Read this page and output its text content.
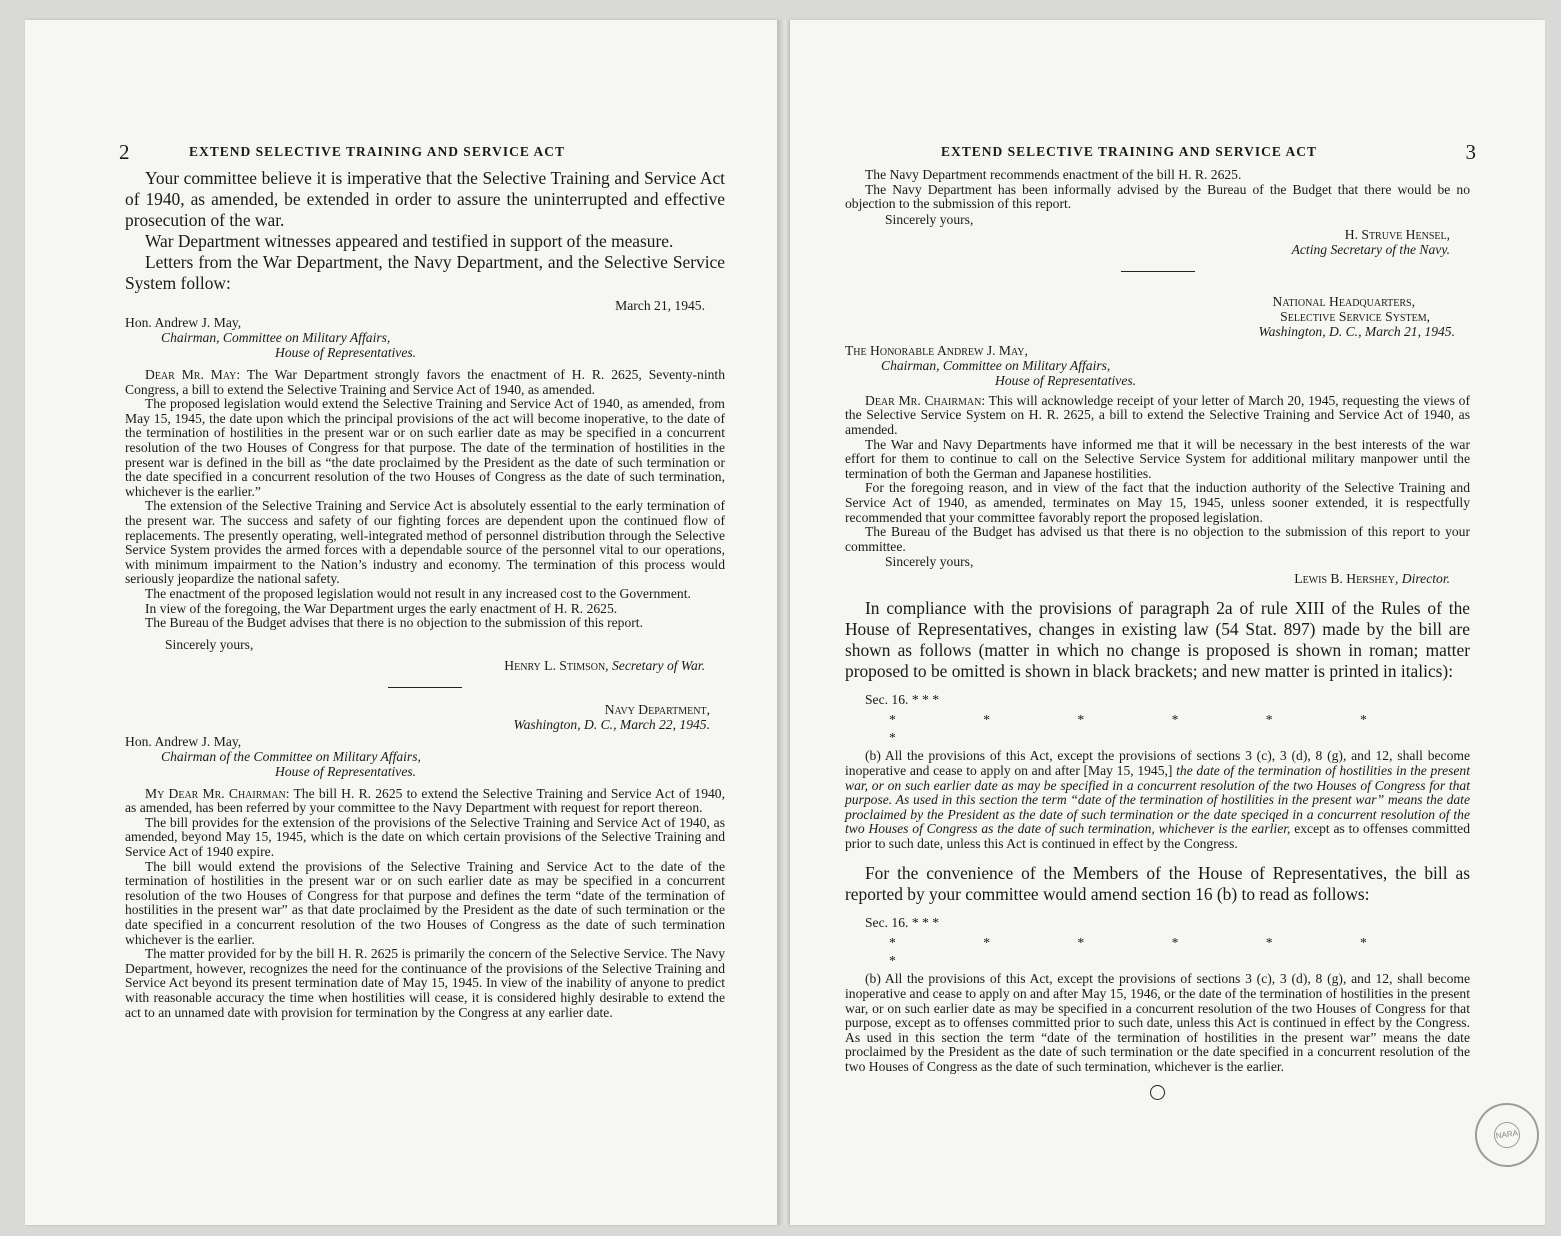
2	EXTEND SELECTIVE TRAINING AND SERVICE ACT

Your committee believe it is imperative that the Selective Training and Service Act of 1940, as amended, be extended in order to assure the uninterrupted and effective prosecution of the war.

War Department witnesses appeared and testified in support of the measure.

Letters from the War Department, the Navy Department, and the Selective Service System follow:

March 21, 1945.

Hon. Andrew J. May,
Chairman, Committee on Military Affairs,
House of Representatives.

Dear Mr. May: The War Department strongly favors the enactment of H. R. 2625, Seventy-ninth Congress, a bill to extend the Selective Training and Service Act of 1940, as amended.

The proposed legislation would extend the Selective Training and Service Act of 1940, as amended, from May 15, 1945, the date upon which the principal provisions of the act will become inoperative, to the date of the termination of hostilities in the present war or on such earlier date as may be specified in a concurrent resolution of the two Houses of Congress for that purpose. The date of the termination of hostilities in the present war is defined in the bill as “the date proclaimed by the President as the date of such termination or the date specified in a concurrent resolution of the two Houses of Congress as the date of such termination, whichever is the earlier.”

The extension of the Selective Training and Service Act is absolutely essential to the early termination of the present war. The success and safety of our fighting forces are dependent upon the continued flow of replacements. The presently operating, well-integrated method of personnel distribution through the Selective Service System provides the armed forces with a dependable source of the personnel vital to our operations, with minimum impairment to the Nation’s industry and economy. The termination of this process would seriously jeopardize the national safety.

The enactment of the proposed legislation would not result in any increased cost to the Government.

In view of the foregoing, the War Department urges the early enactment of H. R. 2625.

The Bureau of the Budget advises that there is no objection to the submission of this report.

Sincerely yours,

Henry L. Stimson, Secretary of War.

Navy Department,
Washington, D. C., March 22, 1945.
Hon. Andrew J. May,
Chairman of the Committee on Military Affairs,
House of Representatives.

My Dear Mr. Chairman: The bill H. R. 2625 to extend the Selective Training and Service Act of 1940, as amended, has been referred by your committee to the Navy Department with request for report thereon.

The bill provides for the extension of the provisions of the Selective Training and Service Act of 1940, as amended, beyond May 15, 1945, which is the date on which certain provisions of the Selective Training and Service Act of 1940 expire.

The bill would extend the provisions of the Selective Training and Service Act to the date of the termination of hostilities in the present war or on such earlier date as may be specified in a concurrent resolution of the two Houses of Congress for that purpose and defines the term “date of the termination of hostilities in the present war” as that date proclaimed by the President as the date of such termination or the date specified in a concurrent resolution of the two Houses of Congress as the date of such termination whichever is the earlier.

The matter provided for by the bill H. R. 2625 is primarily the concern of the Selective Service. The Navy Department, however, recognizes the need for the continuance of the provisions of the Selective Training and Service Act beyond its present termination date of May 15, 1945. In view of the inability of anyone to predict with reasonable accuracy the time when hostilities will cease, it is considered highly desirable to extend the act to an unnamed date with provision for termination by the Congress at any earlier date.

EXTEND SELECTIVE TRAINING AND SERVICE ACT	3

The Navy Department recommends enactment of the bill H. R. 2625.

The Navy Department has been informally advised by the Bureau of the Budget that there would be no objection to the submission of this report.

Sincerely yours,

H. Struve Hensel,

Acting Secretary of the Navy.

National Headquarters,
Selective Service System,
Washington, D. C., March 21, 1945.
The Honorable Andrew J. May,
Chairman, Committee on Military Affairs,
House of Representatives.

Dear Mr. Chairman: This will acknowledge receipt of your letter of March 20, 1945, requesting the views of the Selective Service System on H. R. 2625, a bill to extend the Selective Training and Service Act of 1940, as amended.

The War and Navy Departments have informed me that it will be necessary in the best interests of the war effort for them to continue to call on the Selective Service System for additional military manpower until the termination of both the German and Japanese hostilities.

For the foregoing reason, and in view of the fact that the induction authority of the Selective Training and Service Act of 1940, as amended, terminates on May 15, 1945, unless sooner extended, it is respectfully recommended that your committee favorably report the proposed legislation.

The Bureau of the Budget has advised us that there is no objection to the submission of this report to your committee.

Sincerely yours,

Lewis B. Hershey, Director.

In compliance with the provisions of paragraph 2a of rule XIII of the Rules of the House of Representatives, changes in existing law (54 Stat. 897) made by the bill are shown as follows (matter in which no change is proposed is shown in roman; matter proposed to be omitted is shown in black brackets; and new matter is printed in italics):

Sec. 16. * * *

* * * * * * *

(b) All the provisions of this Act, except the provisions of sections 3 (c), 3 (d), 8 (g), and 12, shall become inoperative and cease to apply on and after [May 15, 1945,] the date of the termination of hostilities in the present war, or on such earlier date as may be specified in a concurrent resolution of the two Houses of Congress for that purpose. As used in this section the term “date of the termination of hostilities in the present war” means the date proclaimed by the President as the date of such termination or the date speciqed in a concurrent resolution of the two Houses of Congress as the date of such termination, whichever is the earlier, except as to offenses committed prior to such date, unless this Act is continued in effect by the Congress.

For the convenience of the Members of the House of Representatives, the bill as reported by your committee would amend section 16 (b) to read as follows:

Sec. 16. * * *

* * * * * * *

(b) All the provisions of this Act, except the provisions of sections 3 (c), 3 (d), 8 (g), and 12, shall become inoperative and cease to apply on and after May 15, 1946, or the date of the termination of hostilities in the present war, or on such earlier date as may be specified in a concurrent resolution of the two Houses of Congress for that purpose, except as to offenses committed prior to such date, unless this Act is continued in effect by the Congress. As used in this section the term “date of the termination of hostilities in the present war” means the date proclaimed by the President as the date of such termination or the date specified in a concurrent resolution of the two Houses of Congress as the date of such termination, whichever is the earlier.

NARA
